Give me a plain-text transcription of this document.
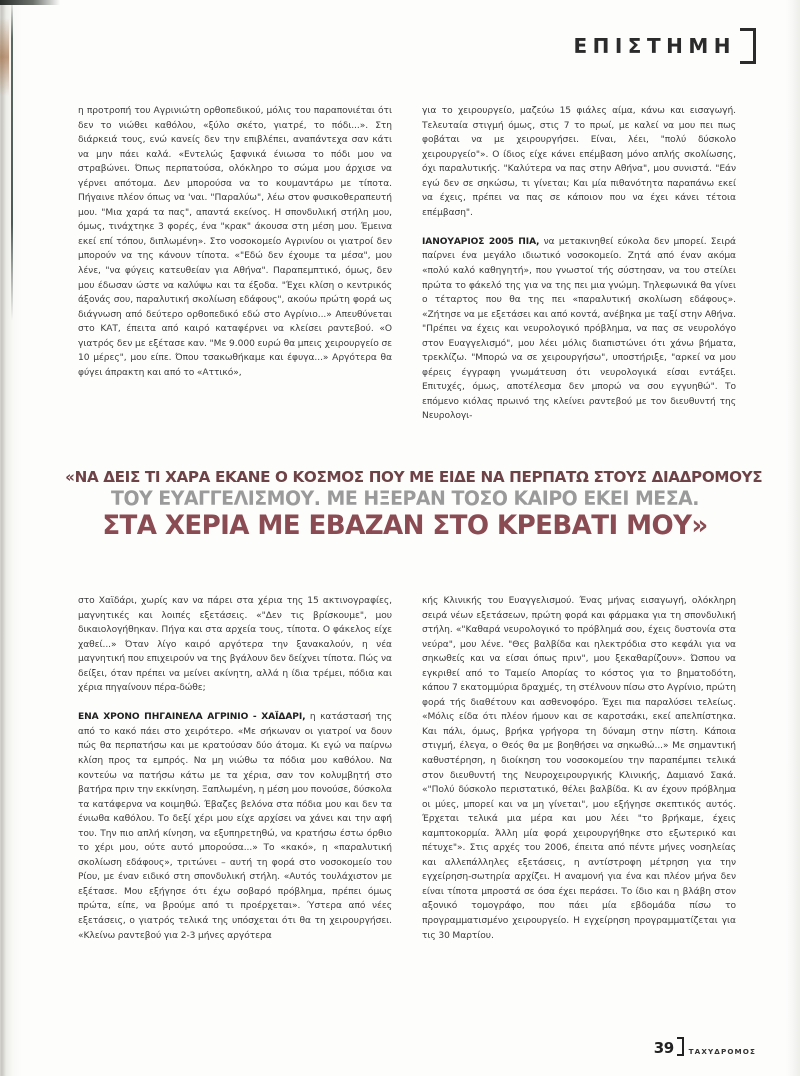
ΕΠΙΣΤΗΜΗ

η προτροπή του Αγρινιώτη ορθοπεδικού, μόλις του παραπονιέται ότι δεν το νιώθει καθόλου, «ξύλο σκέτο, γιατρέ, το πόδι...». Στη διάρκειά τους, ενώ κανείς δεν την επιβλέπει, αναπάντεχα σαν κάτι να μην πάει καλά. «Εντελώς ξαφνικά ένιωσα το πόδι μου να στραβώνει. Όπως περπατούσα, ολόκληρο το σώμα μου άρχισε να γέρνει απότομα. Δεν μπορούσα να το κουμαντάρω με τίποτα. Πήγαινε πλέον όπως να 'ναι. "Παραλύω", λέω στον φυσικοθεραπευτή μου. "Μια χαρά τα πας", απαντά εκείνος. Η σπονδυλική στήλη μου, όμως, τινάχτηκε 3 φορές, ένα "κρακ" άκουσα στη μέση μου. Έμεινα εκεί επί τόπου, διπλωμένη». Στο νοσοκομείο Αγρινίου οι γιατροί δεν μπορούν να της κάνουν τίποτα. «"Εδώ δεν έχουμε τα μέσα", μου λένε, "να φύγεις κατευθείαν για Αθήνα". Παραπεμπτικό, όμως, δεν μου έδωσαν ώστε να καλύψω και τα έξοδα. "Έχει κλίση ο κεντρικός άξονάς σου, παραλυτική σκολίωση εδάφους", ακούω πρώτη φορά ως διάγνωση από δεύτερο ορθοπεδικό εδώ στο Αγρίνιο...» Απευθύνεται στο ΚΑΤ, έπειτα από καιρό καταφέρνει να κλείσει ραντεβού. «Ο γιατρός δεν με εξέτασε καν. "Με 9.000 ευρώ θα μπεις χειρουργείο σε 10 μέρες", μου είπε. Όπου τσακωθήκαμε και έφυγα...» Αργότερα θα φύγει άπρακτη και από το «Αττικό»,

για το χειρουργείο, μαζεύω 15 φιάλες αίμα, κάνω και εισαγωγή. Τελευταία στιγμή όμως, στις 7 το πρωί, με καλεί να μου πει πως φοβάται να με χειρουργήσει. Είναι, λέει, "πολύ δύσκολο χειρουργείο"». Ο ίδιος είχε κάνει επέμβαση μόνο απλής σκολίωσης, όχι παραλυτικής. "Καλύτερα να πας στην Αθήνα", μου συνιστά. "Εάν εγώ δεν σε σηκώσω, τι γίνεται; Και μία πιθανότητα παραπάνω εκεί να έχεις, πρέπει να πας σε κάποιον που να έχει κάνει τέτοια επέμβαση".

ΙΑΝΟΥΑΡΙΟΣ 2005 ΠΙΑ, να μετακινηθεί εύκολα δεν μπορεί. Σειρά παίρνει ένα μεγάλο ιδιωτικό νοσοκομείο. Ζητά από έναν ακόμα «πολύ καλό καθηγητή», που γνωστοί τής σύστησαν, να του στείλει πρώτα το φάκελό της για να της πει μια γνώμη. Τηλεφωνικά θα γίνει ο τέταρτος που θα της πει «παραλυτική σκολίωση εδάφους». «Ζήτησε να με εξετάσει και από κοντά, ανέβηκα με ταξί στην Αθήνα. "Πρέπει να έχεις και νευρολογικό πρόβλημα, να πας σε νευρολόγο στον Ευαγγελισμό", μου λέει μόλις διαπιστώνει ότι χάνω βήματα, τρεκλίζω. "Μπορώ να σε χειρουργήσω", υποστήριξε, "αρκεί να μου φέρεις έγγραφη γνωμάτευση ότι νευρολογικά είσαι εντάξει. Επιτυχές, όμως, αποτέλεσμα δεν μπορώ να σου εγγυηθώ". Το επόμενο κιόλας πρωινό της κλείνει ραντεβού με τον διευθυντή της Νευρολογι-

«ΝΑ ΔΕΙΣ ΤΙ ΧΑΡΑ ΕΚΑΝΕ Ο ΚΟΣΜΟΣ ΠΟΥ ΜΕ ΕΙΔΕ ΝΑ ΠΕΡΠΑΤΩ ΣΤΟΥΣ ΔΙΑΔΡΟΜΟΥΣ
ΤΟΥ ΕΥΑΓΓΕΛΙΣΜΟΥ. ΜΕ ΗΞΕΡΑΝ ΤΟΣΟ ΚΑΙΡΟ ΕΚΕΙ ΜΕΣΑ.
ΣΤΑ ΧΕΡΙΑ ΜΕ ΕΒΑΖΑΝ ΣΤΟ ΚΡΕΒΑΤΙ ΜΟΥ»

στο Χαϊδάρι, χωρίς καν να πάρει στα χέρια της 15 ακτινογραφίες, μαγνητικές και λοιπές εξετάσεις. «"Δεν τις βρίσκουμε", μου δικαιολογήθηκαν. Πήγα και στα αρχεία τους, τίποτα. Ο φάκελος είχε χαθεί...» Όταν λίγο καιρό αργότερα την ξανακαλούν, η νέα μαγνητική που επιχειρούν να της βγάλουν δεν δείχνει τίποτα. Πώς να δείξει, όταν πρέπει να μείνει ακίνητη, αλλά η ίδια τρέμει, πόδια και χέρια πηγαίνουν πέρα-δώθε;

ΕΝΑ ΧΡΟΝΟ ΠΗΓΑΙΝΕΛΑ ΑΓΡΙΝΙΟ - ΧΑΪΔΑΡΙ, η κατάστασή της από το κακό πάει στο χειρότερο. «Με σήκωναν οι γιατροί να δουν πώς θα περπατήσω και με κρατούσαν δύο άτομα. Κι εγώ να παίρνω κλίση προς τα εμπρός. Να μη νιώθω τα πόδια μου καθόλου. Να κοντεύω να πατήσω κάτω με τα χέρια, σαν τον κολυμβητή στο βατήρα πριν την εκκίνηση. Ξαπλωμένη, η μέση μου πονούσε, δύσκολα τα κατάφερνα να κοιμηθώ. Έβαζες βελόνα στα πόδια μου και δεν τα ένιωθα καθόλου. Το δεξί χέρι μου είχε αρχίσει να χάνει και την αφή του. Την πιο απλή κίνηση, να εξυπηρετηθώ, να κρατήσω έστω όρθιο το χέρι μου, ούτε αυτό μπορούσα...» Το «κακό», η «παραλυτική σκολίωση εδάφους», τριτώνει – αυτή τη φορά στο νοσοκομείο του Ρίου, με έναν ειδικό στη σπονδυλική στήλη. «Αυτός τουλάχιστον με εξέτασε. Μου εξήγησε ότι έχω σοβαρό πρόβλημα, πρέπει όμως πρώτα, είπε, να βρούμε από τι προέρχεται». Ύστερα από νέες εξετάσεις, ο γιατρός τελικά της υπόσχεται ότι θα τη χειρουργήσει. «Κλείνω ραντεβού για 2-3 μήνες αργότερα

κής Κλινικής του Ευαγγελισμού. Ένας μήνας εισαγωγή, ολόκληρη σειρά νέων εξετάσεων, πρώτη φορά και φάρμακα για τη σπονδυλική στήλη. «"Καθαρά νευρολογικό το πρόβλημά σου, έχεις δυστονία στα νεύρα", μου λένε. "Θες βαλβίδα και ηλεκτρόδια στο κεφάλι για να σηκωθείς και να είσαι όπως πριν", μου ξεκαθαρίζουν». Ώσπου να εγκριθεί από το Ταμείο Απορίας το κόστος για το βηματοδότη, κάπου 7 εκατομμύρια δραχμές, τη στέλνουν πίσω στο Αγρίνιο, πρώτη φορά τής διαθέτουν και ασθενοφόρο. Έχει πια παραλύσει τελείως. «Μόλις είδα ότι πλέον ήμουν και σε καροτσάκι, εκεί απελπίστηκα. Και πάλι, όμως, βρήκα γρήγορα τη δύναμη στην πίστη. Κάποια στιγμή, έλεγα, ο Θεός θα με βοηθήσει να σηκωθώ...» Με σημαντική καθυστέρηση, η διοίκηση του νοσοκομείου την παραπέμπει τελικά στον διευθυντή της Νευροχειρουργικής Κλινικής, Δαμιανό Σακά. «"Πολύ δύσκολο περιστατικό, θέλει βαλβίδα. Κι αν έχουν πρόβλημα οι μύες, μπορεί και να μη γίνεται", μου εξήγησε σκεπτικός αυτός. Έρχεται τελικά μια μέρα και μου λέει "το βρήκαμε, έχεις καμπτοκορμία. Άλλη μία φορά χειρουργήθηκε στο εξωτερικό και πέτυχε"». Στις αρχές του 2006, έπειτα από πέντε μήνες νοσηλείας και αλλεπάλληλες εξετάσεις, η αντίστροφη μέτρηση για την εγχείρηση-σωτηρία αρχίζει. Η αναμονή για ένα και πλέον μήνα δεν είναι τίποτα μπροστά σε όσα έχει περάσει. Το ίδιο και η βλάβη στον αξονικό τομογράφο, που πάει μία εβδομάδα πίσω το προγραμματισμένο χειρουργείο. Η εγχείρηση προγραμματίζεται για τις 30 Μαρτίου.

39 ΤΑΧΥΔΡΟΜΟΣ
